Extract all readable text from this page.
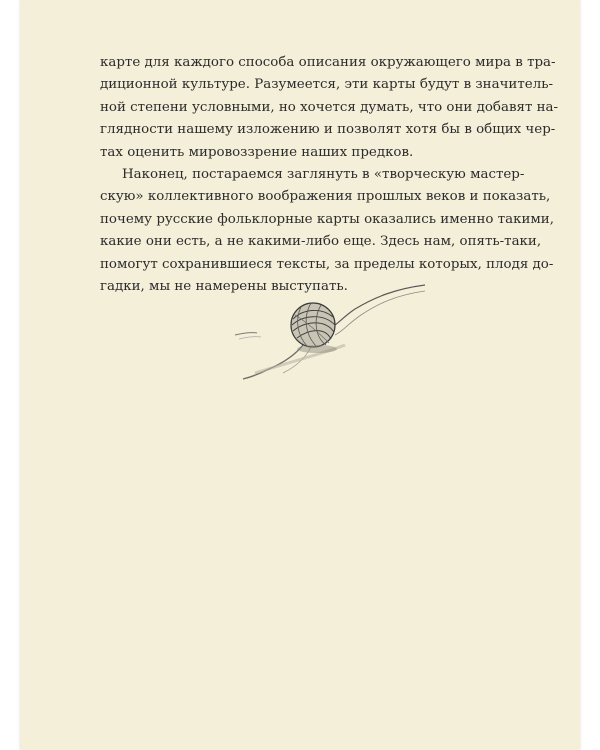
карте для каждого способа описания окружающего мира в тра-
диционной культуре. Разумеется, эти карты будут в значитель-
ной степени условными, но хочется думать, что они добавят на-
глядности нашему изложению и позволят хотя бы в общих чер-
тах оценить мировоззрение наших предков.
Наконец, постараемся заглянуть в «творческую мастер-
скую» коллективного воображения прошлых веков и показать,
почему русские фольклорные карты оказались именно такими,
какие они есть, а не какими-либо еще. Здесь нам, опять-таки,
помогут сохранившиеся тексты, за пределы которых, плодя до-
гадки, мы не намерены выступать.
